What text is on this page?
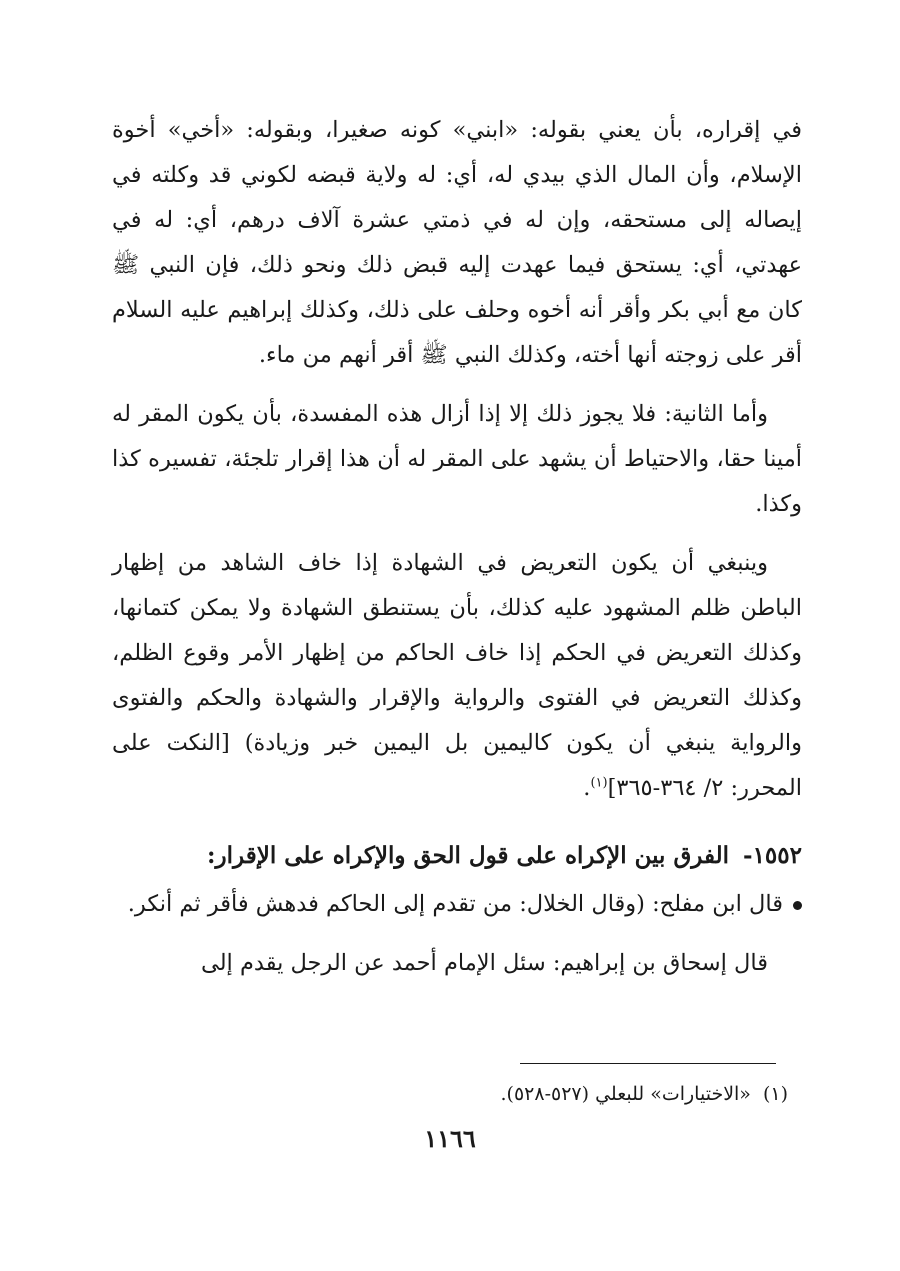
في إقراره، بأن يعني بقوله: «ابني» كونه صغيرا، وبقوله: «أخي» أخوة الإسلام، وأن المال الذي بيدي له، أي: له ولاية قبضه لكوني قد وكلته في إيصاله إلى مستحقه، وإن له في ذمتي عشرة آلاف درهم، أي: له في عهدتي، أي: يستحق فيما عهدت إليه قبض ذلك ونحو ذلك، فإن النبي ﷺ كان مع أبي بكر وأقر أنه أخوه وحلف على ذلك، وكذلك إبراهيم عليه السلام أقر على زوجته أنها أخته، وكذلك النبي ﷺ أقر أنهم من ماء.

وأما الثانية: فلا يجوز ذلك إلا إذا أزال هذه المفسدة، بأن يكون المقر له أمينا حقا، والاحتياط أن يشهد على المقر له أن هذا إقرار تلجئة، تفسيره كذا وكذا.

وينبغي أن يكون التعريض في الشهادة إذا خاف الشاهد من إظهار الباطن ظلم المشهود عليه كذلك، بأن يستنطق الشهادة ولا يمكن كتمانها، وكذلك التعريض في الحكم إذا خاف الحاكم من إظهار الأمر وقوع الظلم، وكذلك التعريض في الفتوى والرواية والإقرار والشهادة والحكم والفتوى والرواية ينبغي أن يكون كاليمين بل اليمين خبر وزيادة) [النكت على المحرر: ٢/ ٣٦٤-٣٦٥]$^{(١)}$.

١٥٥٢-الفرق بين الإكراه على قول الحق والإكراه على الإقرار:

قال ابن مفلح: (وقال الخلال: من تقدم إلى الحاكم فدهش فأقر ثم أنكر.

قال إسحاق بن إبراهيم: سئل الإمام أحمد عن الرجل يقدم إلى

(١)«الاختيارات» للبعلي (٥٢٧-٥٢٨).
١١٦٦
